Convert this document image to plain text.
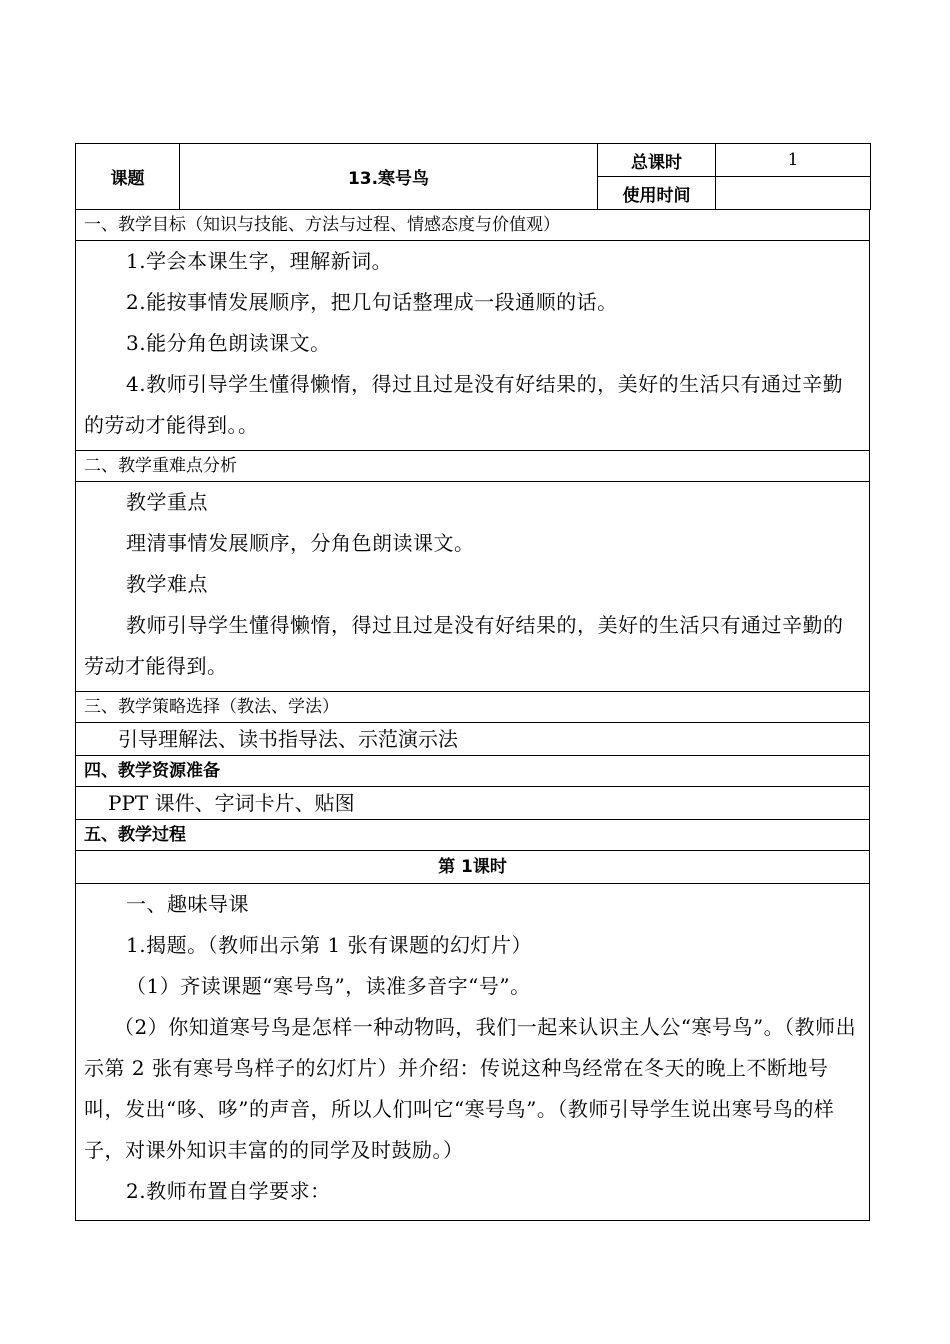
课题	13.寒号鸟	总课时	1
		使用时间	
一、教学目标（知识与技能、方法与过程、情感态度与价值观）

1.学会本课生字，理解新词。

2.能按事情发展顺序，把几句话整理成一段通顺的话。

3.能分角色朗读课文。

4.教师引导学生懂得懒惰，得过且过是没有好结果的，美好的生活只有通过辛勤的劳动才能得到。。

二、教学重难点分析

教学重点

理清事情发展顺序，分角色朗读课文。

教学难点

教师引导学生懂得懒惰，得过且过是没有好结果的，美好的生活只有通过辛勤的劳动才能得到。

三、教学策略选择（教法、学法）
引导理解法、读书指导法、示范演示法
四、教学资源准备
PPT 课件、字词卡片、贴图
五、教学过程
第 1课时

一、趣味导课

1.揭题。（教师出示第 1 张有课题的幻灯片）

（1）齐读课题“寒号鸟”，读准多音字“号”。

（2）你知道寒号鸟是怎样一种动物吗，我们一起来认识主人公“寒号鸟”。（教师出示第 2 张有寒号鸟样子的幻灯片）并介绍：传说这种鸟经常在冬天的晚上不断地号叫，发出“哆、哆”的声音，所以人们叫它“寒号鸟”。（教师引导学生说出寒号鸟的样子，对课外知识丰富的的同学及时鼓励。）

2.教师布置自学要求：
